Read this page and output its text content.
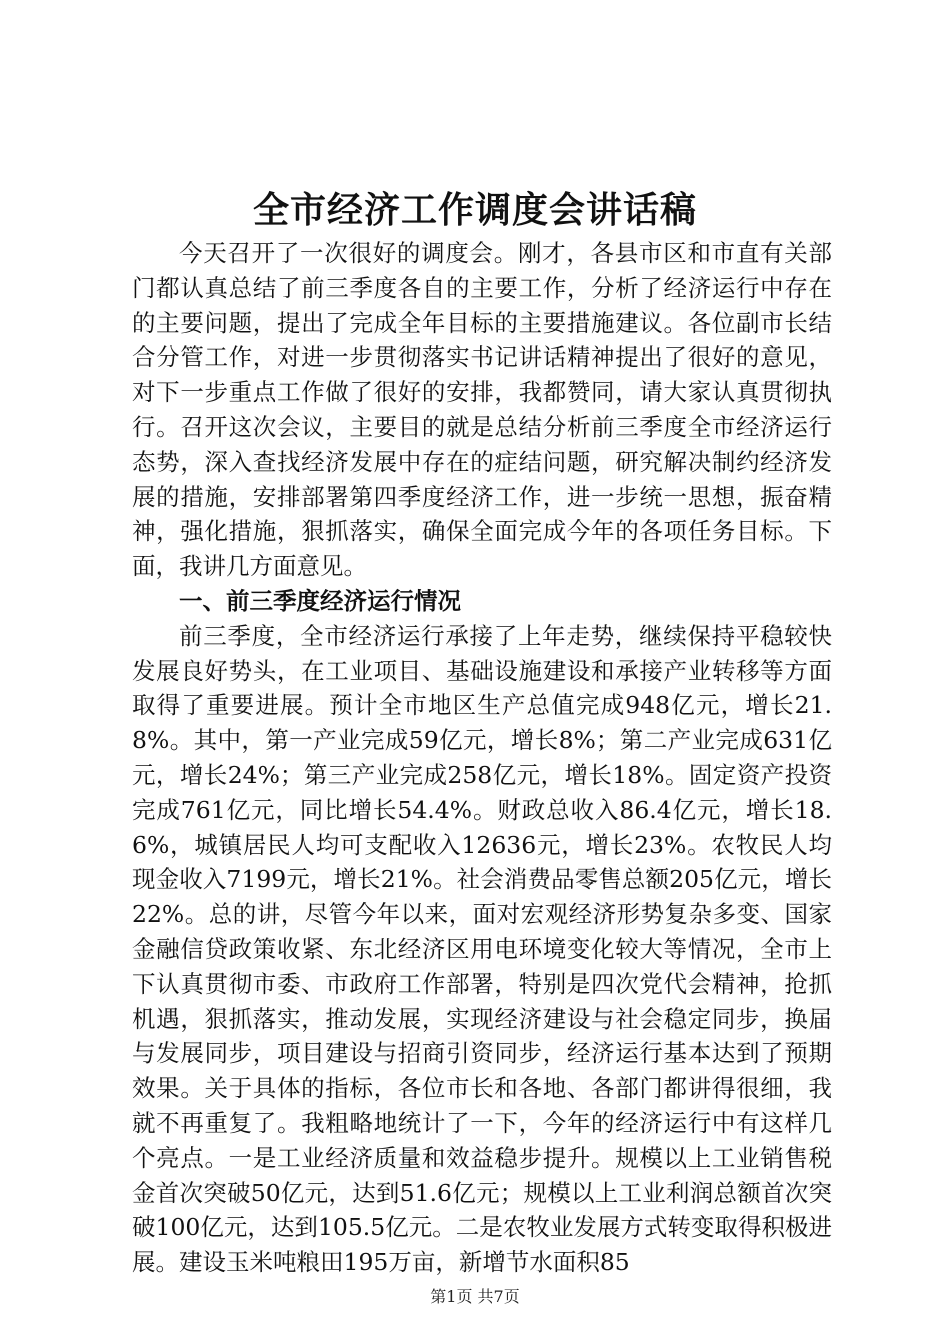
全市经济工作调度会讲话稿

今天召开了一次很好的调度会。刚才，各县市区和市直有关部门都认真总结了前三季度各自的主要工作，分析了经济运行中存在的主要问题，提出了完成全年目标的主要措施建议。各位副市长结合分管工作，对进一步贯彻落实书记讲话精神提出了很好的意见，对下一步重点工作做了很好的安排，我都赞同，请大家认真贯彻执行。召开这次会议，主要目的就是总结分析前三季度全市经济运行态势，深入查找经济发展中存在的症结问题，研究解决制约经济发展的措施，安排部署第四季度经济工作，进一步统一思想，振奋精神，强化措施，狠抓落实，确保全面完成今年的各项任务目标。下面，我讲几方面意见。

一、前三季度经济运行情况

前三季度，全市经济运行承接了上年走势，继续保持平稳较快发展良好势头，在工业项目、基础设施建设和承接产业转移等方面取得了重要进展。预计全市地区生产总值完成948亿元，增长21.8%。其中，第一产业完成59亿元，增长8%；第二产业完成631亿元，增长24%；第三产业完成258亿元，增长18%。固定资产投资完成761亿元，同比增长54.4%。财政总收入86.4亿元，增长18.6%，城镇居民人均可支配收入12636元，增长23%。农牧民人均现金收入7199元，增长21%。社会消费品零售总额205亿元，增长22%。总的讲，尽管今年以来，面对宏观经济形势复杂多变、国家金融信贷政策收紧、东北经济区用电环境变化较大等情况，全市上下认真贯彻市委、市政府工作部署，特别是四次党代会精神，抢抓机遇，狠抓落实，推动发展，实现经济建设与社会稳定同步，换届与发展同步，项目建设与招商引资同步，经济运行基本达到了预期效果。关于具体的指标，各位市长和各地、各部门都讲得很细，我就不再重复了。我粗略地统计了一下，今年的经济运行中有这样几个亮点。一是工业经济质量和效益稳步提升。规模以上工业销售税金首次突破50亿元，达到51.6亿元；规模以上工业利润总额首次突破100亿元，达到105.5亿元。二是农牧业发展方式转变取得积极进展。建设玉米吨粮田195万亩，新增节水面积85

第1页 共7页
